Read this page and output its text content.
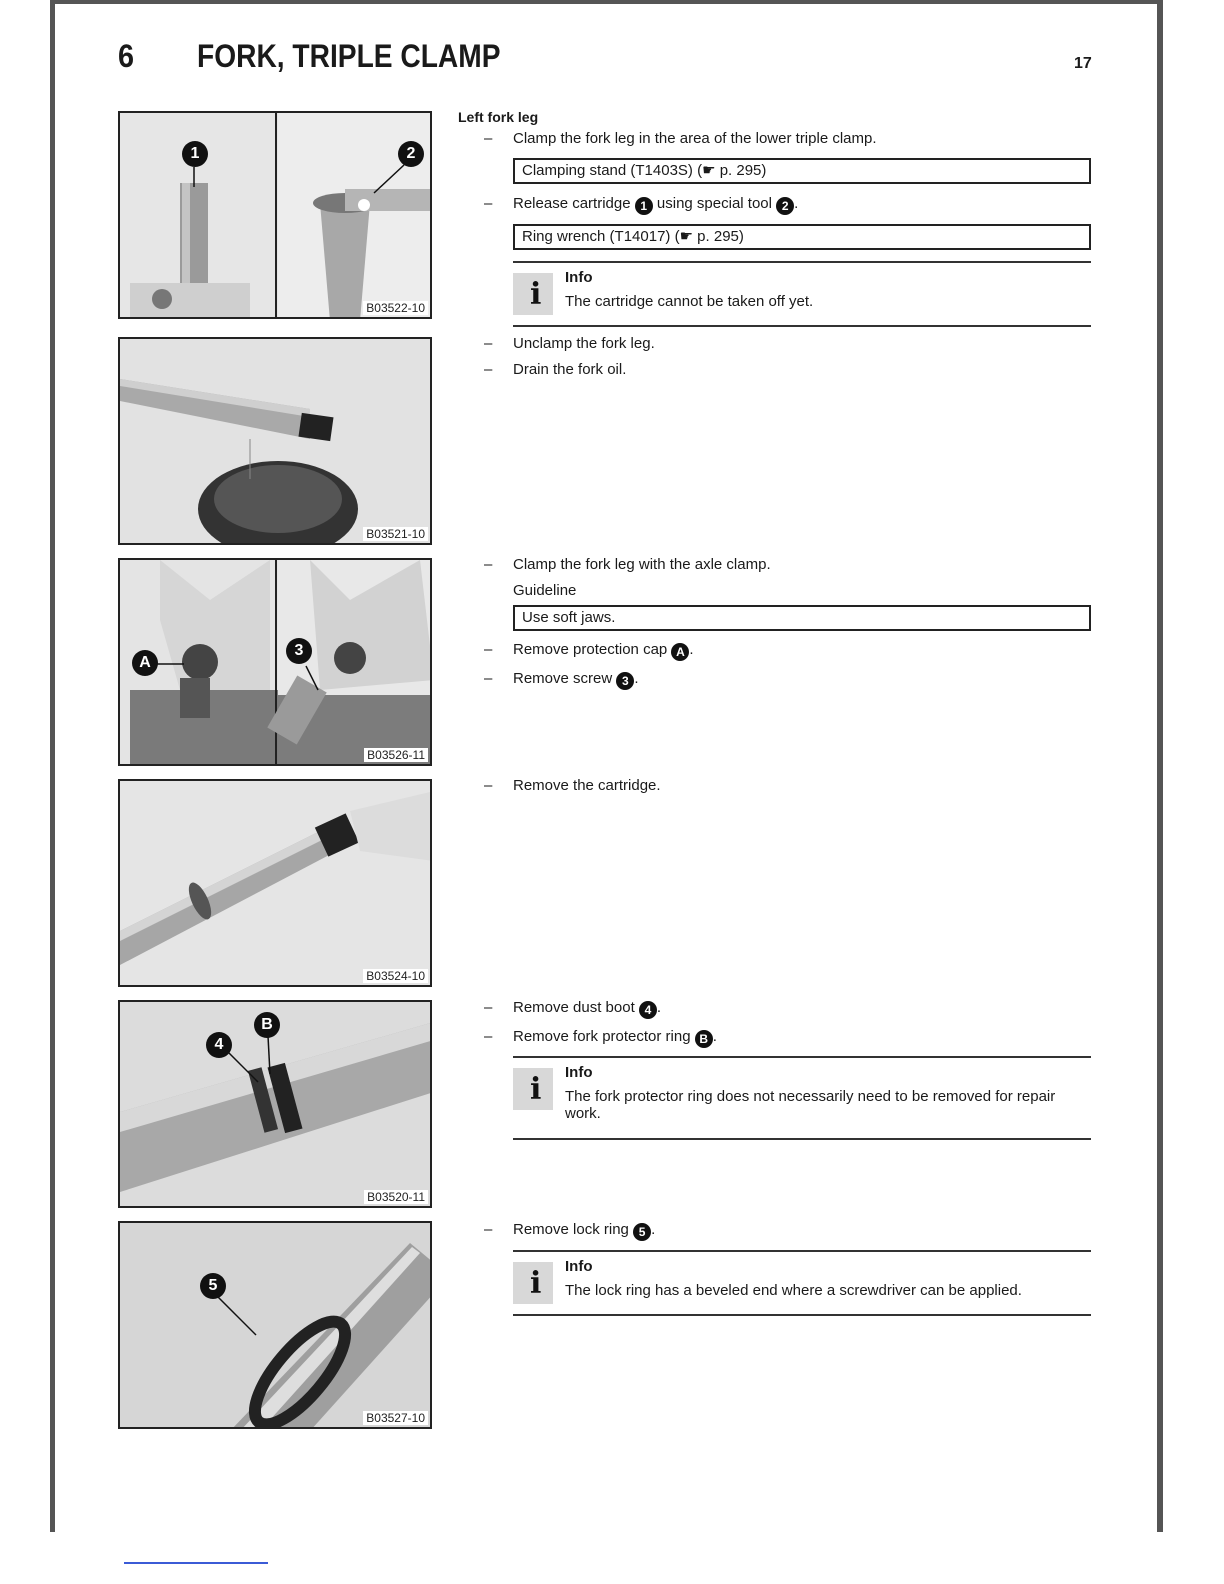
6 FORK, TRIPLE CLAMP	17
1	2
B03522-10
B03521-10
A
3
B03526-11
B03524-10
4
B
B03520-11
5
B03527-10
Left fork leg
– Clamp the fork leg in the area of the lower triple clamp.
Clamping stand (T1403S) (☛ p. 295)
– Release cartridge 1 using special tool 2 .
Ring wrench (T14017) (☛ p. 295)
i Info
The cartridge cannot be taken off yet.
– Unclamp the fork leg.
– Drain the fork oil.
– Clamp the fork leg with the axle clamp.
Guideline
Use soft jaws.
– Remove protection cap A .
– Remove screw 3 .
– Remove the cartridge.
– Remove dust boot 4 .
– Remove fork protector ring B .
i Info
The fork protector ring does not necessarily need to be removed for repair work.
– Remove lock ring 5 .
i Info
The lock ring has a beveled end where a screwdriver can be applied.
